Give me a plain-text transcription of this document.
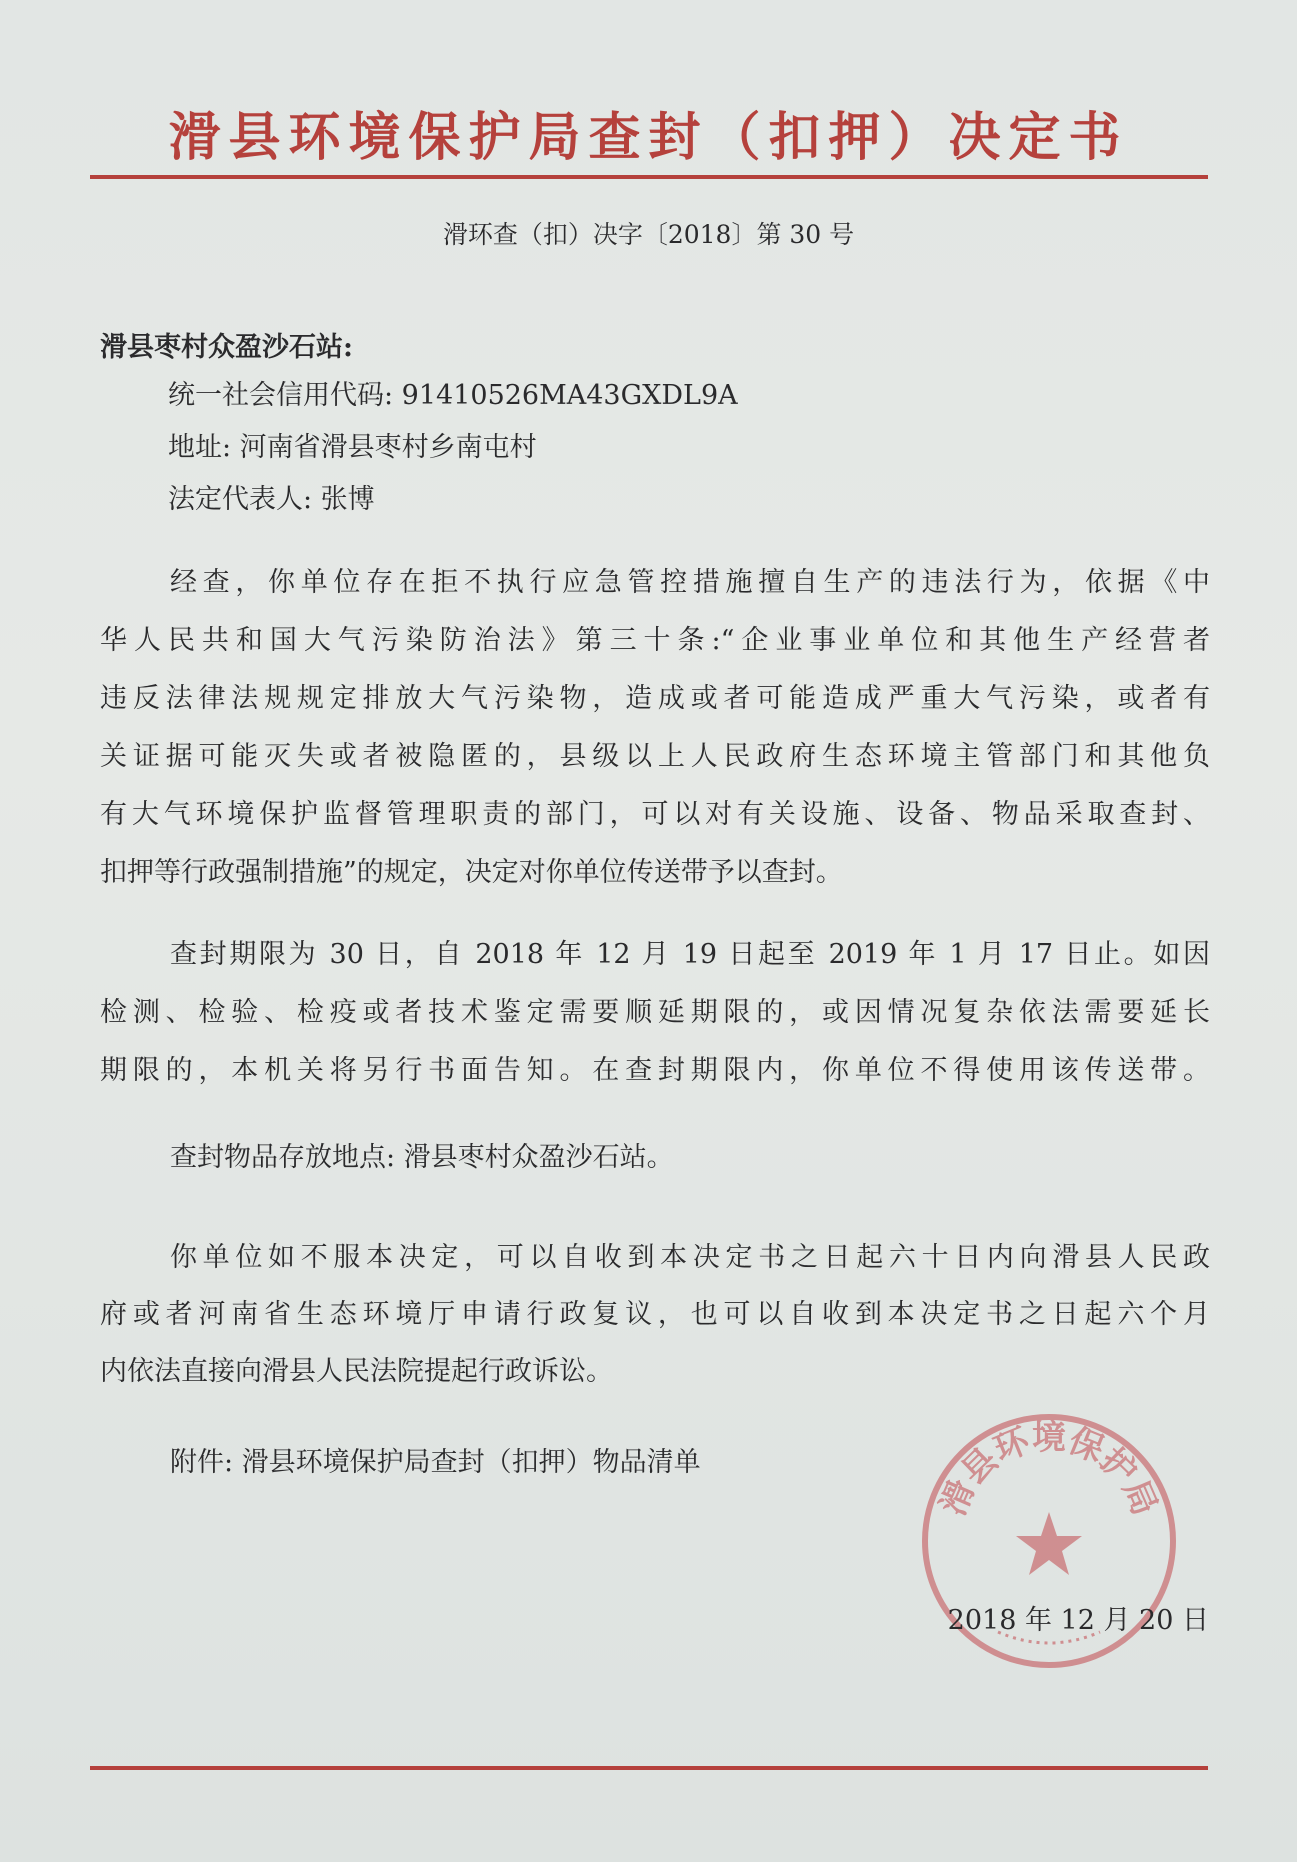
滑县环境保护局查封（扣押）决定书
滑环查（扣）决字〔2018〕第 30 号
滑县枣村众盈沙石站:
统一社会信用代码: 91410526MA43GXDL9A
地址: 河南省滑县枣村乡南屯村
法定代表人: 张博
经查，你单位存在拒不执行应急管控措施擅自生产的违法行为，依据《中
华人民共和国大气污染防治法》第三十条:“企业事业单位和其他生产经营者
违反法律法规规定排放大气污染物，造成或者可能造成严重大气污染，或者有
关证据可能灭失或者被隐匿的，县级以上人民政府生态环境主管部门和其他负
有大气环境保护监督管理职责的部门，可以对有关设施、设备、物品采取查封、
扣押等行政强制措施”的规定，决定对你单位传送带予以查封。
查封期限为 30 日，自 2018 年 12 月 19 日起至 2019 年 1 月 17 日止。如因
检测、检验、检疫或者技术鉴定需要顺延期限的，或因情况复杂依法需要延长
期限的，本机关将另行书面告知。在查封期限内，你单位不得使用该传送带。
查封物品存放地点: 滑县枣村众盈沙石站。
你单位如不服本决定，可以自收到本决定书之日起六十日内向滑县人民政
府或者河南省生态环境厅申请行政复议，也可以自收到本决定书之日起六个月
内依法直接向滑县人民法院提起行政诉讼。
附件: 滑县环境保护局查封（扣押）物品清单
滑县环境保护局
2018 年 12 月 20 日
